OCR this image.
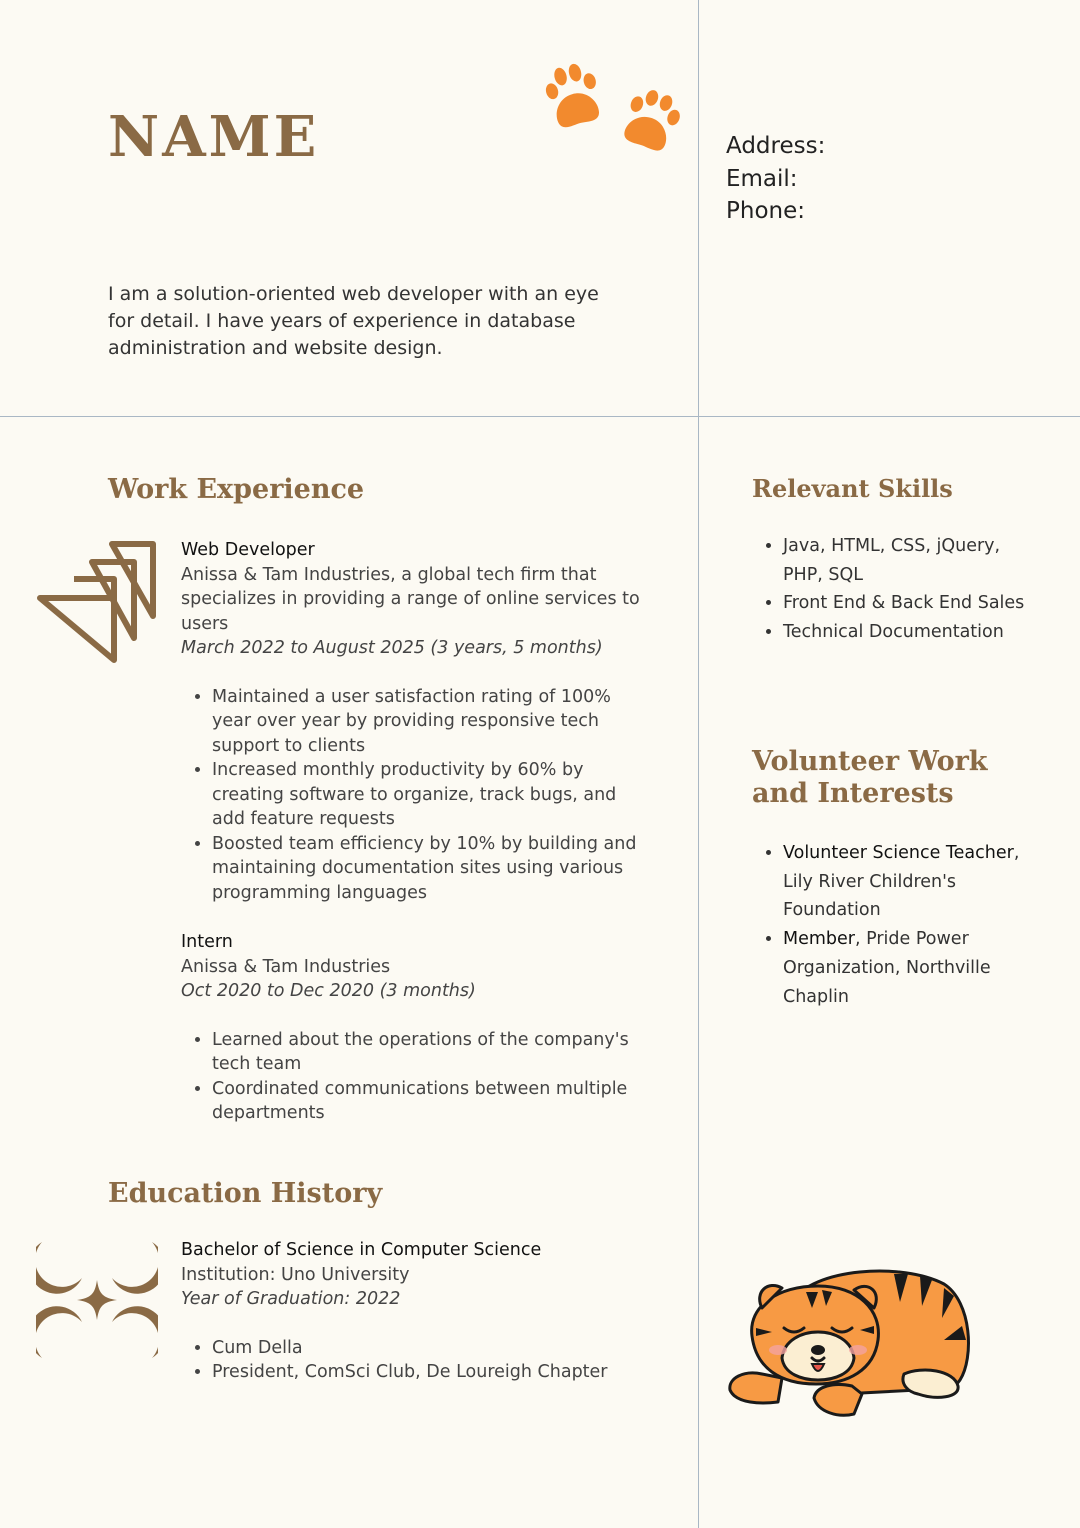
NAME

I am a solution-oriented web developer with an eye for detail. I have years of experience in database administration and website design.

Address:
Email:
Phone:
Work Experience
Web Developer
Anissa & Tam Industries, a global tech firm that specializes in providing a range of online services to users
March 2022 to August 2025 (3 years, 5 months)
• Maintained a user satisfaction rating of 100% year over year by providing responsive tech support to clients
• Increased monthly productivity by 60% by creating software to organize, track bugs, and add feature requests
• Boosted team efficiency by 10% by building and maintaining documentation sites using various programming languages
Intern
Anissa & Tam Industries
Oct 2020 to Dec 2020 (3 months)
• Learned about the operations of the company's tech team
• Coordinated communications between multiple departments
Education History
Bachelor of Science in Computer Science
Institution: Uno University
Year of Graduation: 2022
• Cum Della
• President, ComSci Club, De Loureigh Chapter
Relevant Skills
• Java, HTML, CSS, jQuery, PHP, SQL
• Front End & Back End Sales
• Technical Documentation
Volunteer Work and Interests
• Volunteer Science Teacher, Lily River Children's Foundation
• Member, Pride Power Organization, Northville Chaplin
